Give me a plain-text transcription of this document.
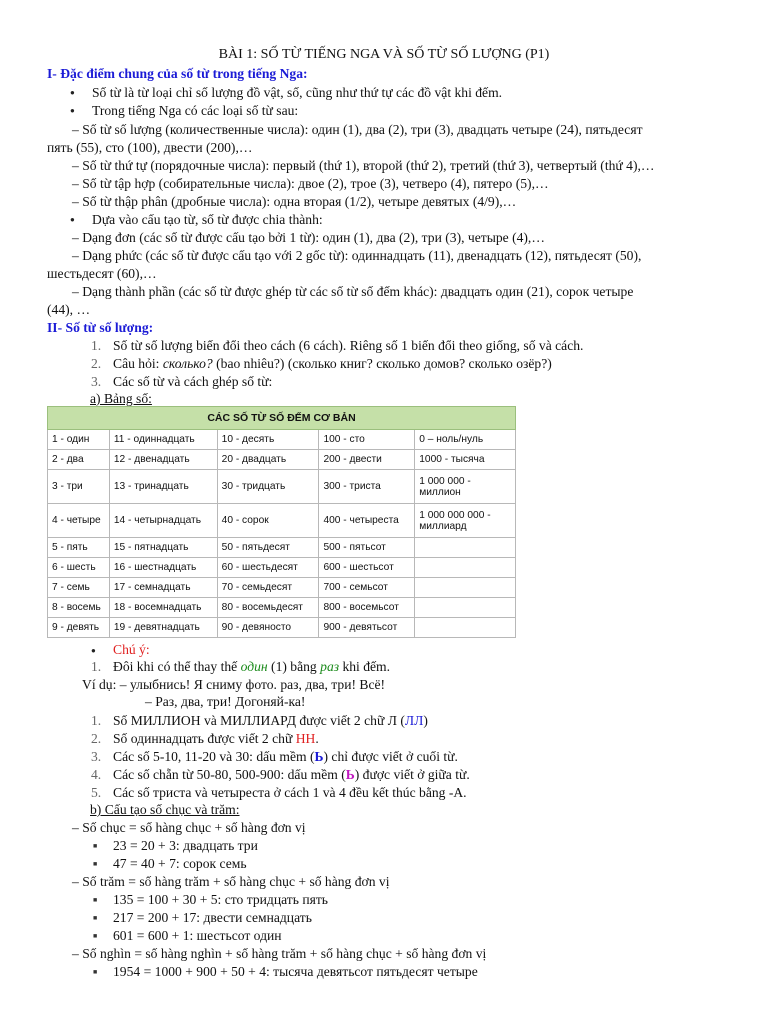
BÀI 1: SỐ TỪ TIẾNG NGA VÀ SỐ TỪ SỐ LƯỢNG (P1)
I- Đặc điểm chung của số từ trong tiếng Nga:
● Số từ là từ loại chỉ số lượng đồ vật, số, cũng như thứ tự các đồ vật khi đếm.
● Trong tiếng Nga có các loại số từ sau:
– Số từ số lượng (количественные числа): один (1), два (2), три (3), двадцать четыре (24), пятьдесят
пять (55), сто (100), двести (200),…
– Số từ thứ tự (порядочные числа): первый (thứ 1), второй (thứ 2), третий (thứ 3), четвертый (thứ 4),…
– Số từ tập hợp (собирательные числа): двое (2), трое (3), четверо (4), пятеро (5),…
– Số từ thập phân (дробные числа): одна вторая (1/2), четыре девятых (4/9),…
● Dựa vào cấu tạo từ, số từ được chia thành:
– Dạng đơn (các số từ được cấu tạo bởi 1 từ): один (1), два (2), три (3), четыре (4),…
– Dạng phức (các số từ được cấu tạo với 2 gốc từ): одиннадцать (11), двенадцать (12), пятьдесят (50),
шестьдесят (60),…
– Dạng thành phần (các số từ được ghép từ các số từ số đếm khác): двадцать один (21), сорок четыре
(44), …
II- Số từ số lượng:
1. Số từ số lượng biến đổi theo cách (6 cách). Riêng số 1 biến đổi theo giống, số và cách.
2. Câu hỏi: сколько? (bao nhiêu?) (сколько книг? сколько домов? сколько озёр?)
3. Các số từ và cách ghép số từ:
a) Bảng số:
CÁC SỐ TỪ SỐ ĐẾM CƠ BẢN				
1 - один	11 - одиннадцать	10 - десять	100 - сто	0 – ноль/нуль
2 - два	12 - двенадцать	20 - двадцать	200 - двести	1000 - тысяча
3 - три	13 - тринадцать	30 - тридцать	300 - триста	1 000 000 - миллион
4 - четыре	14 - четырнадцать	40 - сорок	400 - четыреста	1 000 000 000 - миллиард
5 - пять	15 - пятнадцать	50 - пятьдесят	500 - пятьсот	
6 - шесть	16 - шестнадцать	60 - шестьдесят	600 - шестьсот	
7 - семь	17 - семнадцать	70 - семьдесят	700 - семьсот	
8 - восемь	18 - восемнадцать	80 - восемьдесят	800 - восемьсот	
9 - девять	19 - девятнадцать	90 - девяносто	900 - девятьсот	
Chú ý:
1. Đôi khi có thể thay thế один (1) bằng раз khi đếm.
Ví dụ: – улыбнись! Я сниму фото. раз, два, три! Всё!
– Раз, два, три! Догоняй-ка!
1. Số МИЛЛИОН và МИЛЛИАРД được viết 2 chữ Л (ЛЛ)
2. Số одиннадцать được viết 2 chữ НН.
3. Các số 5-10, 11-20 và 30: dấu mềm (Ь) chỉ được viết ở cuối từ.
4. Các số chẵn từ 50-80, 500-900: dấu mềm (Ь) được viết ở giữa từ.
5. Các số триста và четыреста ở cách 1 và 4 đều kết thúc bằng -А.
b) Cấu tạo số chục và trăm:
– Số chục = số hàng chục + số hàng đơn vị
■ 23 = 20 + 3: двадцать три
■ 47 = 40 + 7: сорок семь
– Số trăm = số hàng trăm + số hàng chục + số hàng đơn vị
■ 135 = 100 + 30 + 5: сто тридцать пять
■ 217 = 200 + 17: двести семнадцать
■ 601 = 600 + 1: шестьсот один
– Số nghìn = số hàng nghìn + số hàng trăm + số hàng chục + số hàng đơn vị
■ 1954 = 1000 + 900 + 50 + 4: тысяча девятьсот пятьдесят четыре
